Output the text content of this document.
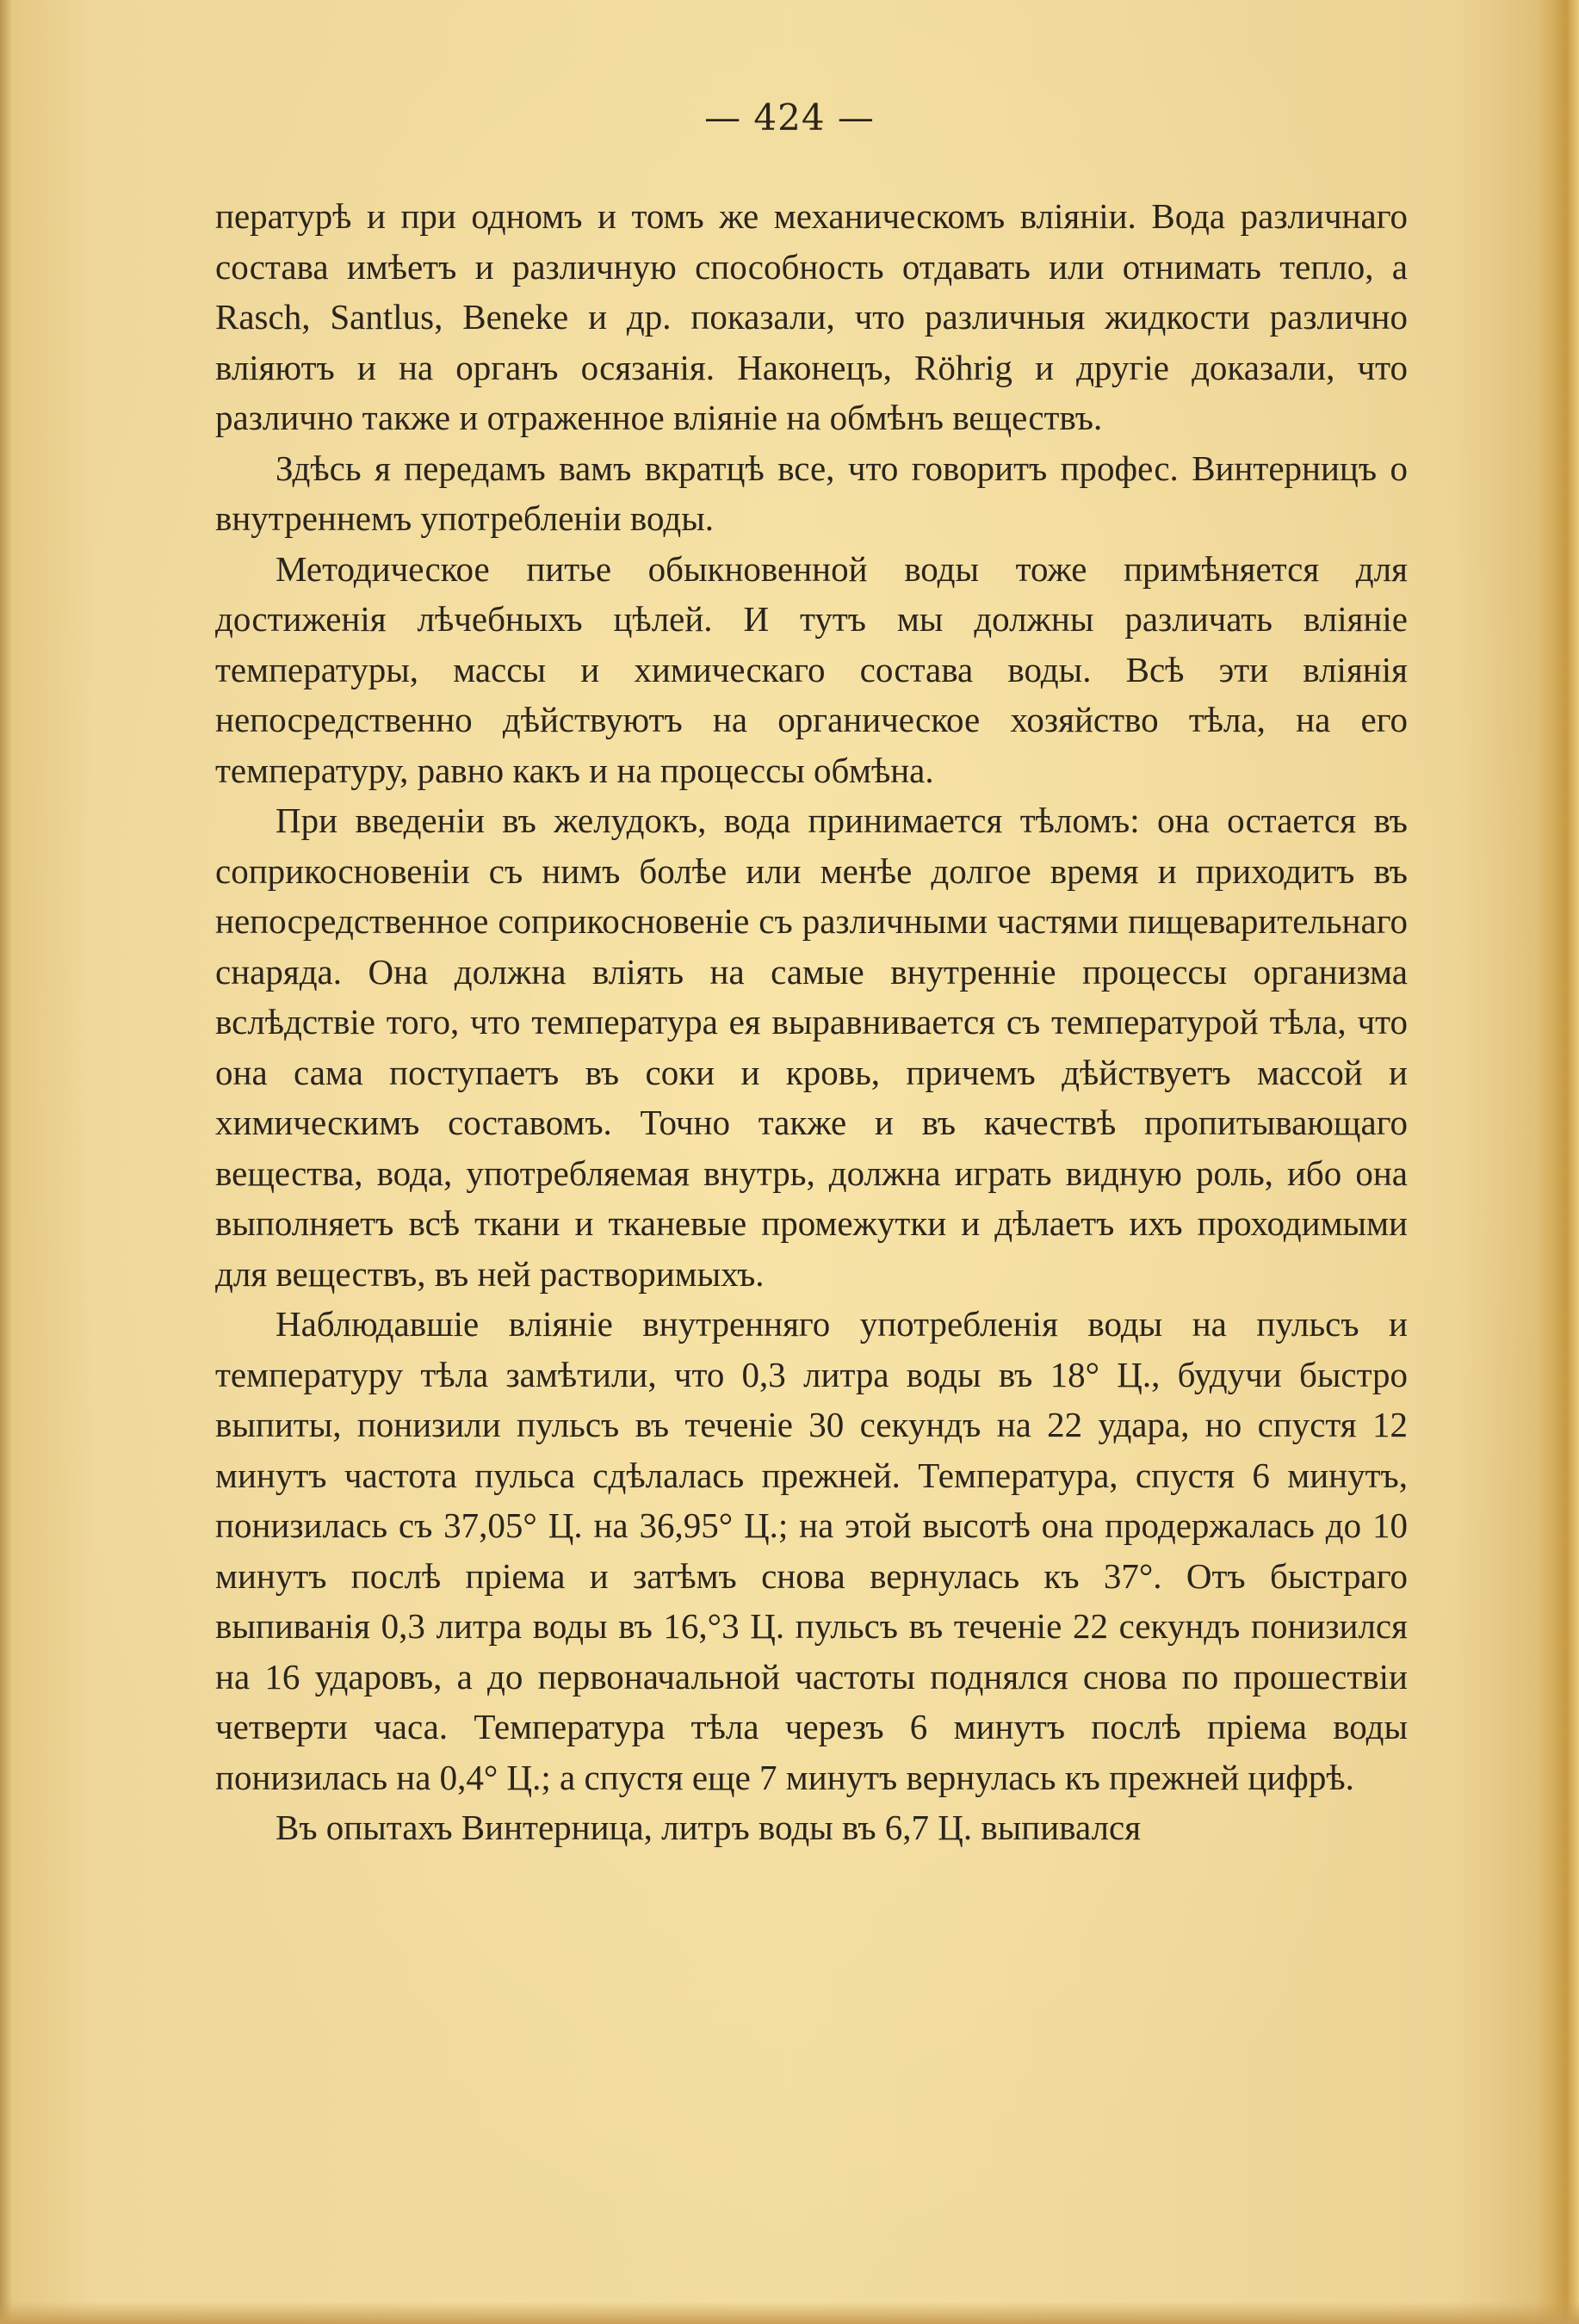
— 424 —

пературѣ и при одномъ и томъ же механическомъ вліяніи. Вода различнаго состава имѣетъ и различную способность отдавать или отнимать тепло, а Rasch, Santlus, Beneke и др. показали, что различныя жидкости различно вліяютъ и на органъ осязанія. Наконецъ, Röhrig и другіе доказали, что различно также и отраженное вліяніе на обмѣнъ веществъ.

Здѣсь я передамъ вамъ вкратцѣ все, что говоритъ профес. Винтерницъ о внутреннемъ употребленіи воды.

Методическое питье обыкновенной воды тоже примѣняется для достиженія лѣчебныхъ цѣлей. И тутъ мы должны различать вліяніе температуры, массы и химическаго состава воды. Всѣ эти вліянія непосредственно дѣйствуютъ на органическое хозяйство тѣла, на его температуру, равно какъ и на процессы обмѣна.

При введеніи въ желудокъ, вода принимается тѣломъ: она остается въ соприкосновеніи съ нимъ болѣе или менѣе долгое время и приходитъ въ непосредственное соприкосновеніе съ различными частями пищеварительнаго снаряда. Она должна вліять на самые внутренніе процессы организма вслѣдствіе того, что температура ея выравнивается съ температурой тѣла, что она сама поступаетъ въ соки и кровь, причемъ дѣйствуетъ массой и химическимъ составомъ. Точно также и въ качествѣ пропитывающаго вещества, вода, употребляемая внутрь, должна играть видную роль, ибо она выполняетъ всѣ ткани и тканевые промежутки и дѣлаетъ ихъ проходимыми для веществъ, въ ней растворимыхъ.

Наблюдавшіе вліяніе внутренняго употребленія воды на пульсъ и температуру тѣла замѣтили, что 0,3 литра воды въ 18° Ц., будучи быстро выпиты, понизили пульсъ въ теченіе 30 секундъ на 22 удара, но спустя 12 минутъ частота пульса сдѣлалась прежней. Температура, спустя 6 минутъ, понизилась съ 37,05° Ц. на 36,95° Ц.; на этой высотѣ она продержалась до 10 минутъ послѣ пріема и затѣмъ снова вернулась къ 37°. Отъ быстраго выпиванія 0,3 литра воды въ 16,°3 Ц. пульсъ въ теченіе 22 секундъ понизился на 16 ударовъ, а до первоначальной частоты поднялся снова по прошествіи четверти часа. Температура тѣла черезъ 6 минутъ послѣ пріема воды понизилась на 0,4° Ц.; а спустя еще 7 минутъ вернулась къ прежней цифрѣ.

Въ опытахъ Винтерница, литръ воды въ 6,7 Ц. выпивался
